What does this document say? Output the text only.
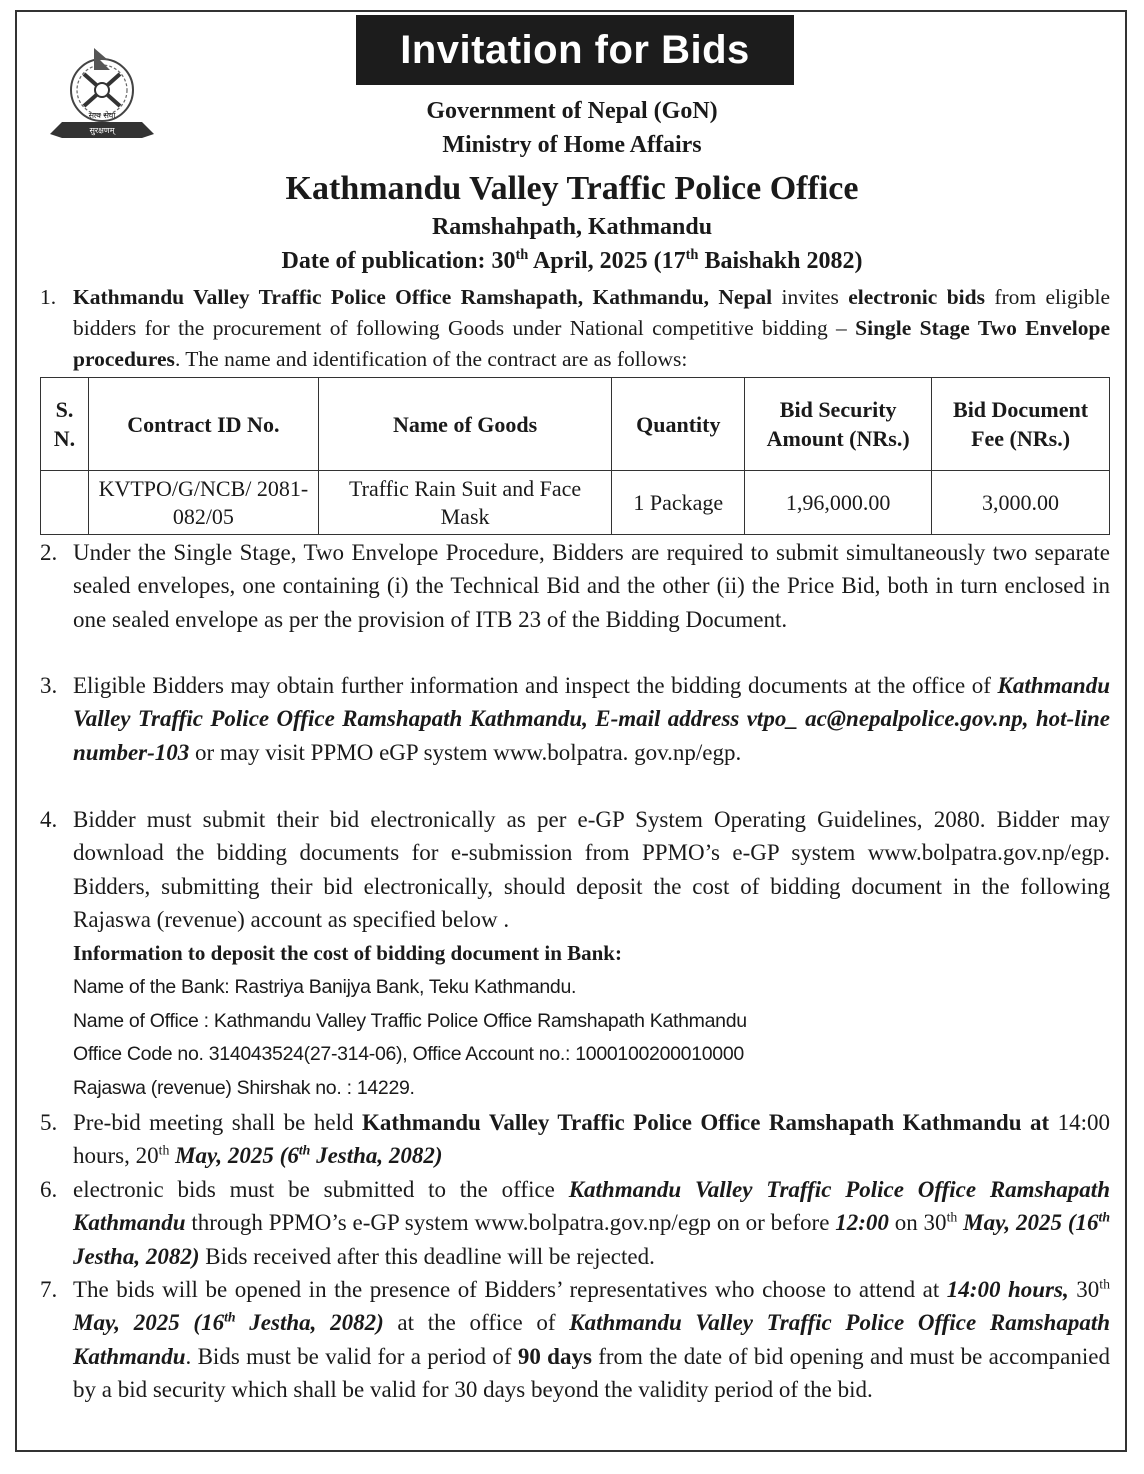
Invitation for Bids
सत्य सेवा
सुरक्षणम्
Government of Nepal (GoN)
Ministry of Home Affairs
Kathmandu Valley Traffic Police Office
Ramshahpath, Kathmandu
Date of publication: 30th April, 2025 (17th Baishakh 2082)
1. Kathmandu Valley Traffic Police Office Ramshapath, Kathmandu, Nepal invites electronic bids from eligible bidders for the procurement of following Goods under National competitive bidding – Single Stage Two Envelope procedures. The name and identification of the contract are as follows:
S. N.	Contract ID No.	Name of Goods	Quantity	Bid Security Amount (NRs.)	Bid Document Fee (NRs.)
	KVTPO/G/NCB/ 2081-082/05	Traffic Rain Suit and Face Mask	1 Package	1,96,000.00	3,000.00
2. Under the Single Stage, Two Envelope Procedure, Bidders are required to submit simultaneously two separate sealed envelopes, one containing (i) the Technical Bid and the other (ii) the Price Bid, both in turn enclosed in one sealed envelope as per the provision of ITB 23 of the Bidding Document.
3. Eligible Bidders may obtain further information and inspect the bidding documents at the office of Kathmandu Valley Traffic Police Office Ramshapath Kathmandu, E-mail address vtpo_ ac@nepalpolice.gov.np, hot-line number-103 or may visit PPMO eGP system www.bolpatra. gov.np/egp.
4. Bidder must submit their bid electronically as per e-GP System Operating Guidelines, 2080. Bidder may download the bidding documents for e-submission from PPMO’s e-GP system www.bolpatra.gov.np/egp. Bidders, submitting their bid electronically, should deposit the cost of bidding document in the following Rajaswa (revenue) account as specified below .
Information to deposit the cost of bidding document in Bank:
Name of the Bank: Rastriya Banijya Bank, Teku Kathmandu.
Name of Office : Kathmandu Valley Traffic Police Office Ramshapath Kathmandu
Office Code no. 314043524(27-314-06), Office Account no.: 1000100200010000
Rajaswa (revenue) Shirshak no. : 14229.
5. Pre-bid meeting shall be held Kathmandu Valley Traffic Police Office Ramshapath Kathmandu at 14:00 hours, 20th May, 2025 (6th Jestha, 2082)
6. electronic bids must be submitted to the office Kathmandu Valley Traffic Police Office Ramshapath Kathmandu through PPMO’s e-GP system www.bolpatra.gov.np/egp on or before 12:00 on 30th May, 2025 (16th Jestha, 2082) Bids received after this deadline will be rejected.
7. The bids will be opened in the presence of Bidders’ representatives who choose to attend at 14:00 hours, 30th May, 2025 (16th Jestha, 2082) at the office of Kathmandu Valley Traffic Police Office Ramshapath Kathmandu. Bids must be valid for a period of 90 days from the date of bid opening and must be accompanied by a bid security which shall be valid for 30 days beyond the validity period of the bid.
